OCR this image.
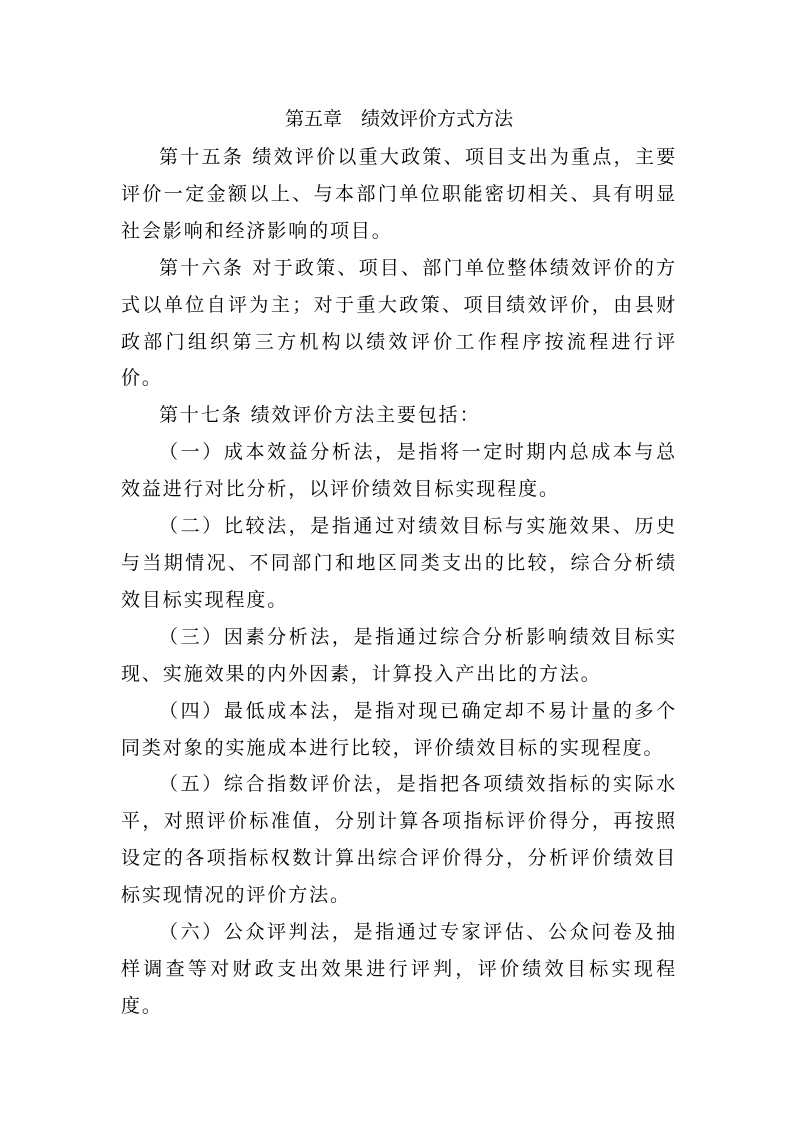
第五章　绩效评价方式方法

第十五条 绩效评价以重大政策、项目支出为重点，主要评价一定金额以上、与本部门单位职能密切相关、具有明显社会影响和经济影响的项目。

第十六条 对于政策、项目、部门单位整体绩效评价的方式以单位自评为主；对于重大政策、项目绩效评价，由县财政部门组织第三方机构以绩效评价工作程序按流程进行评价。

第十七条 绩效评价方法主要包括：

（一）成本效益分析法，是指将一定时期内总成本与总效益进行对比分析，以评价绩效目标实现程度。

（二）比较法，是指通过对绩效目标与实施效果、历史与当期情况、不同部门和地区同类支出的比较，综合分析绩效目标实现程度。

（三）因素分析法，是指通过综合分析影响绩效目标实现、实施效果的内外因素，计算投入产出比的方法。

（四）最低成本法，是指对现已确定却不易计量的多个同类对象的实施成本进行比较，评价绩效目标的实现程度。

（五）综合指数评价法，是指把各项绩效指标的实际水平，对照评价标准值，分别计算各项指标评价得分，再按照设定的各项指标权数计算出综合评价得分，分析评价绩效目标实现情况的评价方法。

（六）公众评判法，是指通过专家评估、公众问卷及抽样调查等对财政支出效果进行评判，评价绩效目标实现程度。
